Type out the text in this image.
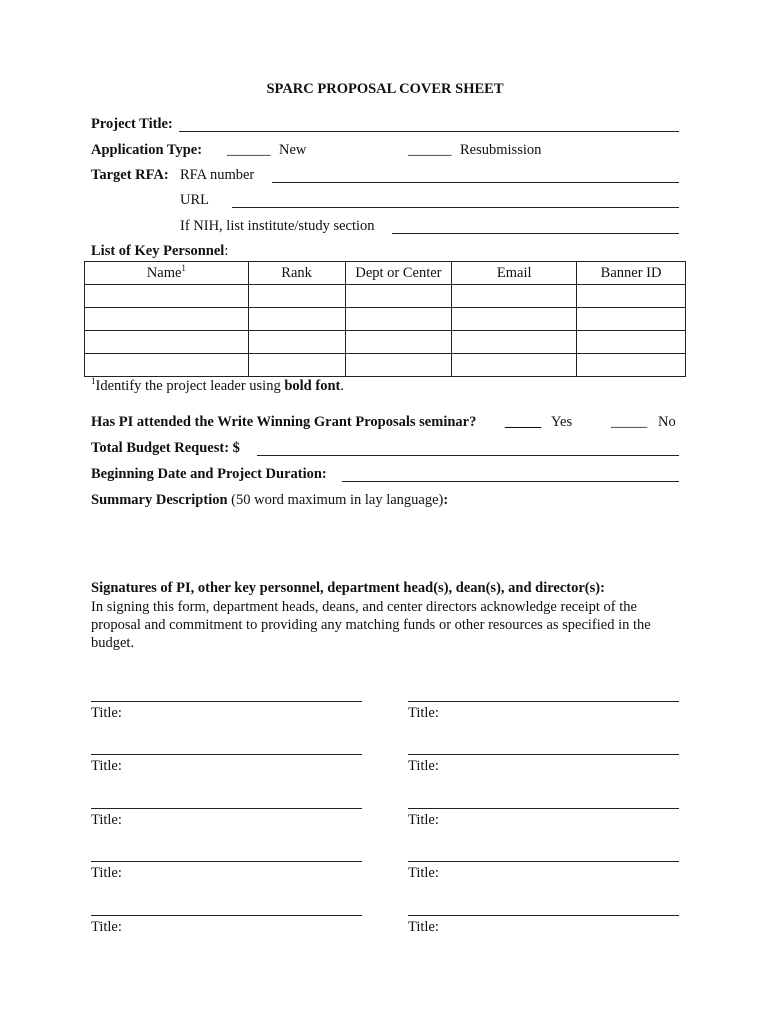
SPARC PROPOSAL COVER SHEET
Project Title:
Application Type: ______ New	______ Resubmission
Target RFA: RFA number
URL
If NIH, list institute/study section
List of Key Personnel:
Name$^1$	Rank	Dept or Center	Email	Banner ID

$^1$Identify the project leader using bold font.
Has PI attended the Write Winning Grant Proposals seminar? _____ Yes	_____ No
Total Budget Request: $
Beginning Date and Project Duration:
Summary Description (50 word maximum in lay language):
Signatures of PI, other key personnel, department head(s), dean(s), and director(s):
In signing this form, department heads, deans, and center directors acknowledge receipt of the proposal and commitment to providing any matching funds or other resources as specified in the budget.
Title:
Title:
Title:
Title:
Title:
Title:
Title:
Title:
Title:
Title:
